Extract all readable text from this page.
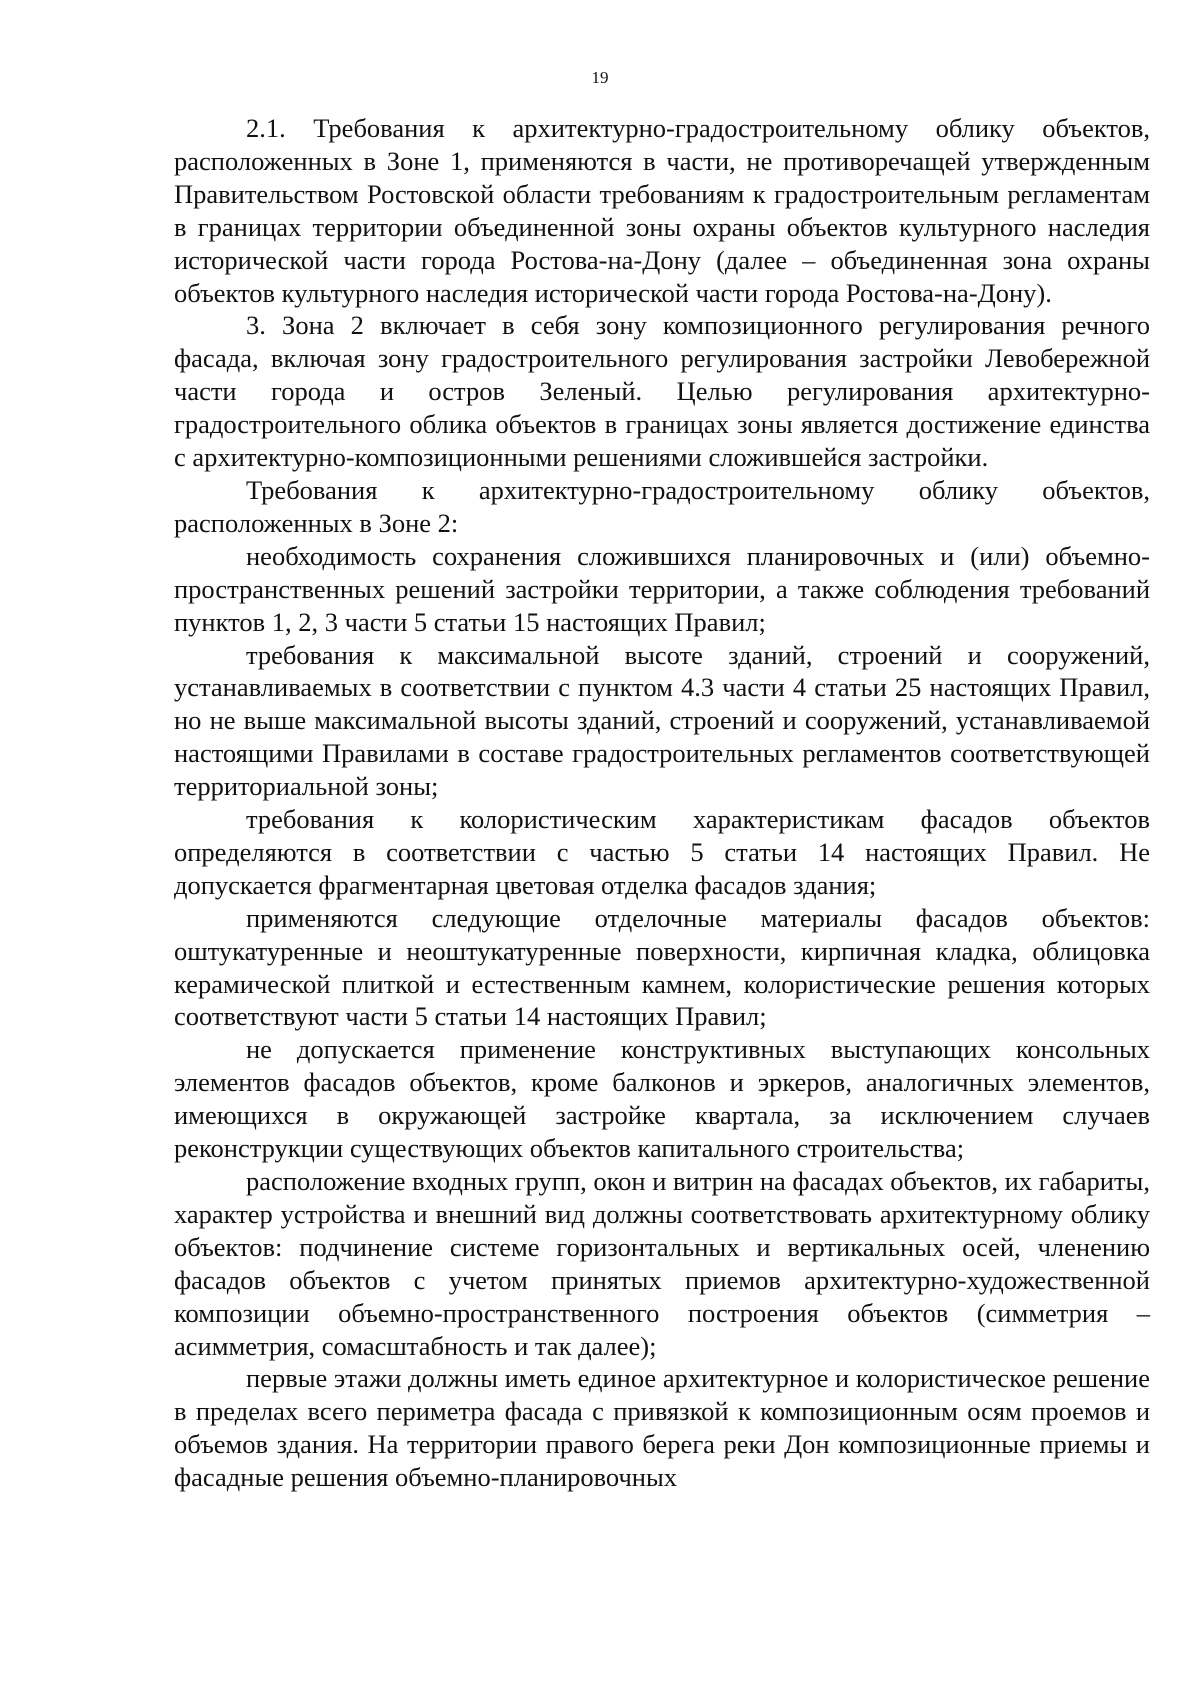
19

2.1. Требования к архитектурно-градостроительному облику объектов, расположенных в Зоне 1, применяются в части, не противоречащей утвержденным Правительством Ростовской области требованиям к градостроительным регламентам в границах территории объединенной зоны охраны объектов культурного наследия исторической части города Ростова-на-Дону (далее – объединенная зона охраны объектов культурного наследия исторической части города Ростова-на-Дону).

3. Зона 2 включает в себя зону композиционного регулирования речного фасада, включая зону градостроительного регулирования застройки Левобережной части города и остров Зеленый. Целью регулирования архитектурно-градостроительного облика объектов в границах зоны является достижение единства с архитектурно-композиционными решениями сложившейся застройки.

Требования к архитектурно-градостроительному облику объектов, расположенных в Зоне 2:

необходимость сохранения сложившихся планировочных и (или) объемно-пространственных решений застройки территории, а также соблюдения требований пунктов 1, 2, 3 части 5 статьи 15 настоящих Правил;

требования к максимальной высоте зданий, строений и сооружений, устанавливаемых в соответствии с пунктом 4.3 части 4 статьи 25 настоящих Правил, но не выше максимальной высоты зданий, строений и сооружений, устанавливаемой настоящими Правилами в составе градостроительных регламентов соответствующей территориальной зоны;

требования к колористическим характеристикам фасадов объектов определяются в соответствии с частью 5 статьи 14 настоящих Правил. Не допускается фрагментарная цветовая отделка фасадов здания;

применяются следующие отделочные материалы фасадов объектов: оштукатуренные и неоштукатуренные поверхности, кирпичная кладка, облицовка керамической плиткой и естественным камнем, колористические решения которых соответствуют части 5 статьи 14 настоящих Правил;

не допускается применение конструктивных выступающих консольных элементов фасадов объектов, кроме балконов и эркеров, аналогичных элементов, имеющихся в окружающей застройке квартала, за исключением случаев реконструкции существующих объектов капитального строительства;

расположение входных групп, окон и витрин на фасадах объектов, их габариты, характер устройства и внешний вид должны соответствовать архитектурному облику объектов: подчинение системе горизонтальных и вертикальных осей, членению фасадов объектов с учетом принятых приемов архитектурно-художественной композиции объемно-пространственного построения объектов (симметрия – асимметрия, сомасштабность и так далее);

первые этажи должны иметь единое архитектурное и колористическое решение в пределах всего периметра фасада с привязкой к композиционным осям проемов и объемов здания. На территории правого берега реки Дон композиционные приемы и фасадные решения объемно-планировочных
